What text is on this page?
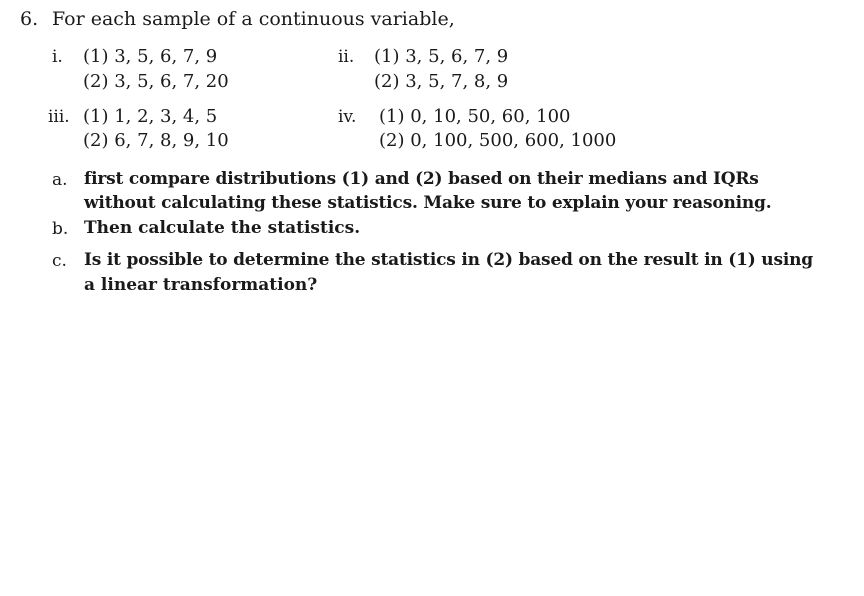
6. For each sample of a continuous variable,
i. (1) 3, 5, 6, 7, 9
(2) 3, 5, 6, 7, 20
ii. (1) 3, 5, 6, 7, 9
(2) 3, 5, 7, 8, 9
iii. (1) 1, 2, 3, 4, 5
(2) 6, 7, 8, 9, 10
iv. (1) 0, 10, 50, 60, 100
(2) 0, 100, 500, 600, 1000
a. first compare distributions (1) and (2) based on their medians and IQRs
without calculating these statistics. Make sure to explain your reasoning.
b. Then calculate the statistics.
c. Is it possible to determine the statistics in (2) based on the result in (1) using
a linear transformation?
